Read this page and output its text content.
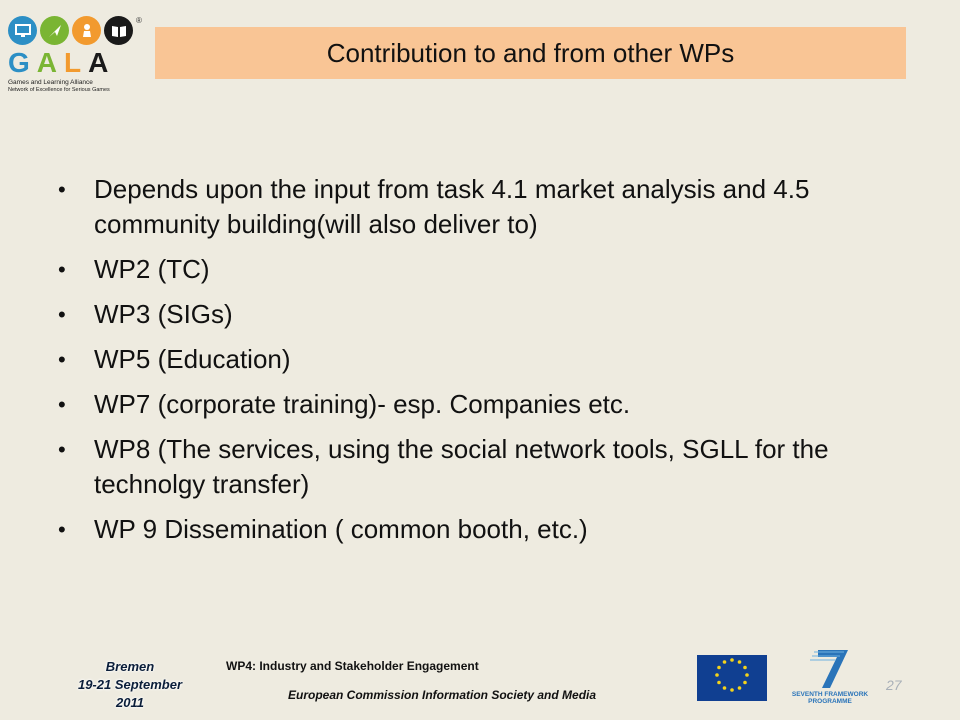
G A L A
Games and Learning Alliance
Network of Excellence for Serious Games
®
Contribution to and from other WPs
•	Depends upon the input from task 4.1 market analysis and 4.5 community building(will also deliver to)
•	WP2 (TC)
•	WP3 (SIGs)
•	WP5 (Education)
•	WP7 (corporate training)- esp. Companies etc.
•	WP8 (The services, using the social network tools, SGLL for the technolgy transfer)
•	WP 9 Dissemination ( common booth, etc.)
Bremen
19-21 September
2011
WP4: Industry and Stakeholder Engagement
European Commission Information Society and Media	SEVENTH FRAMEWORK
PROGRAMME
27
